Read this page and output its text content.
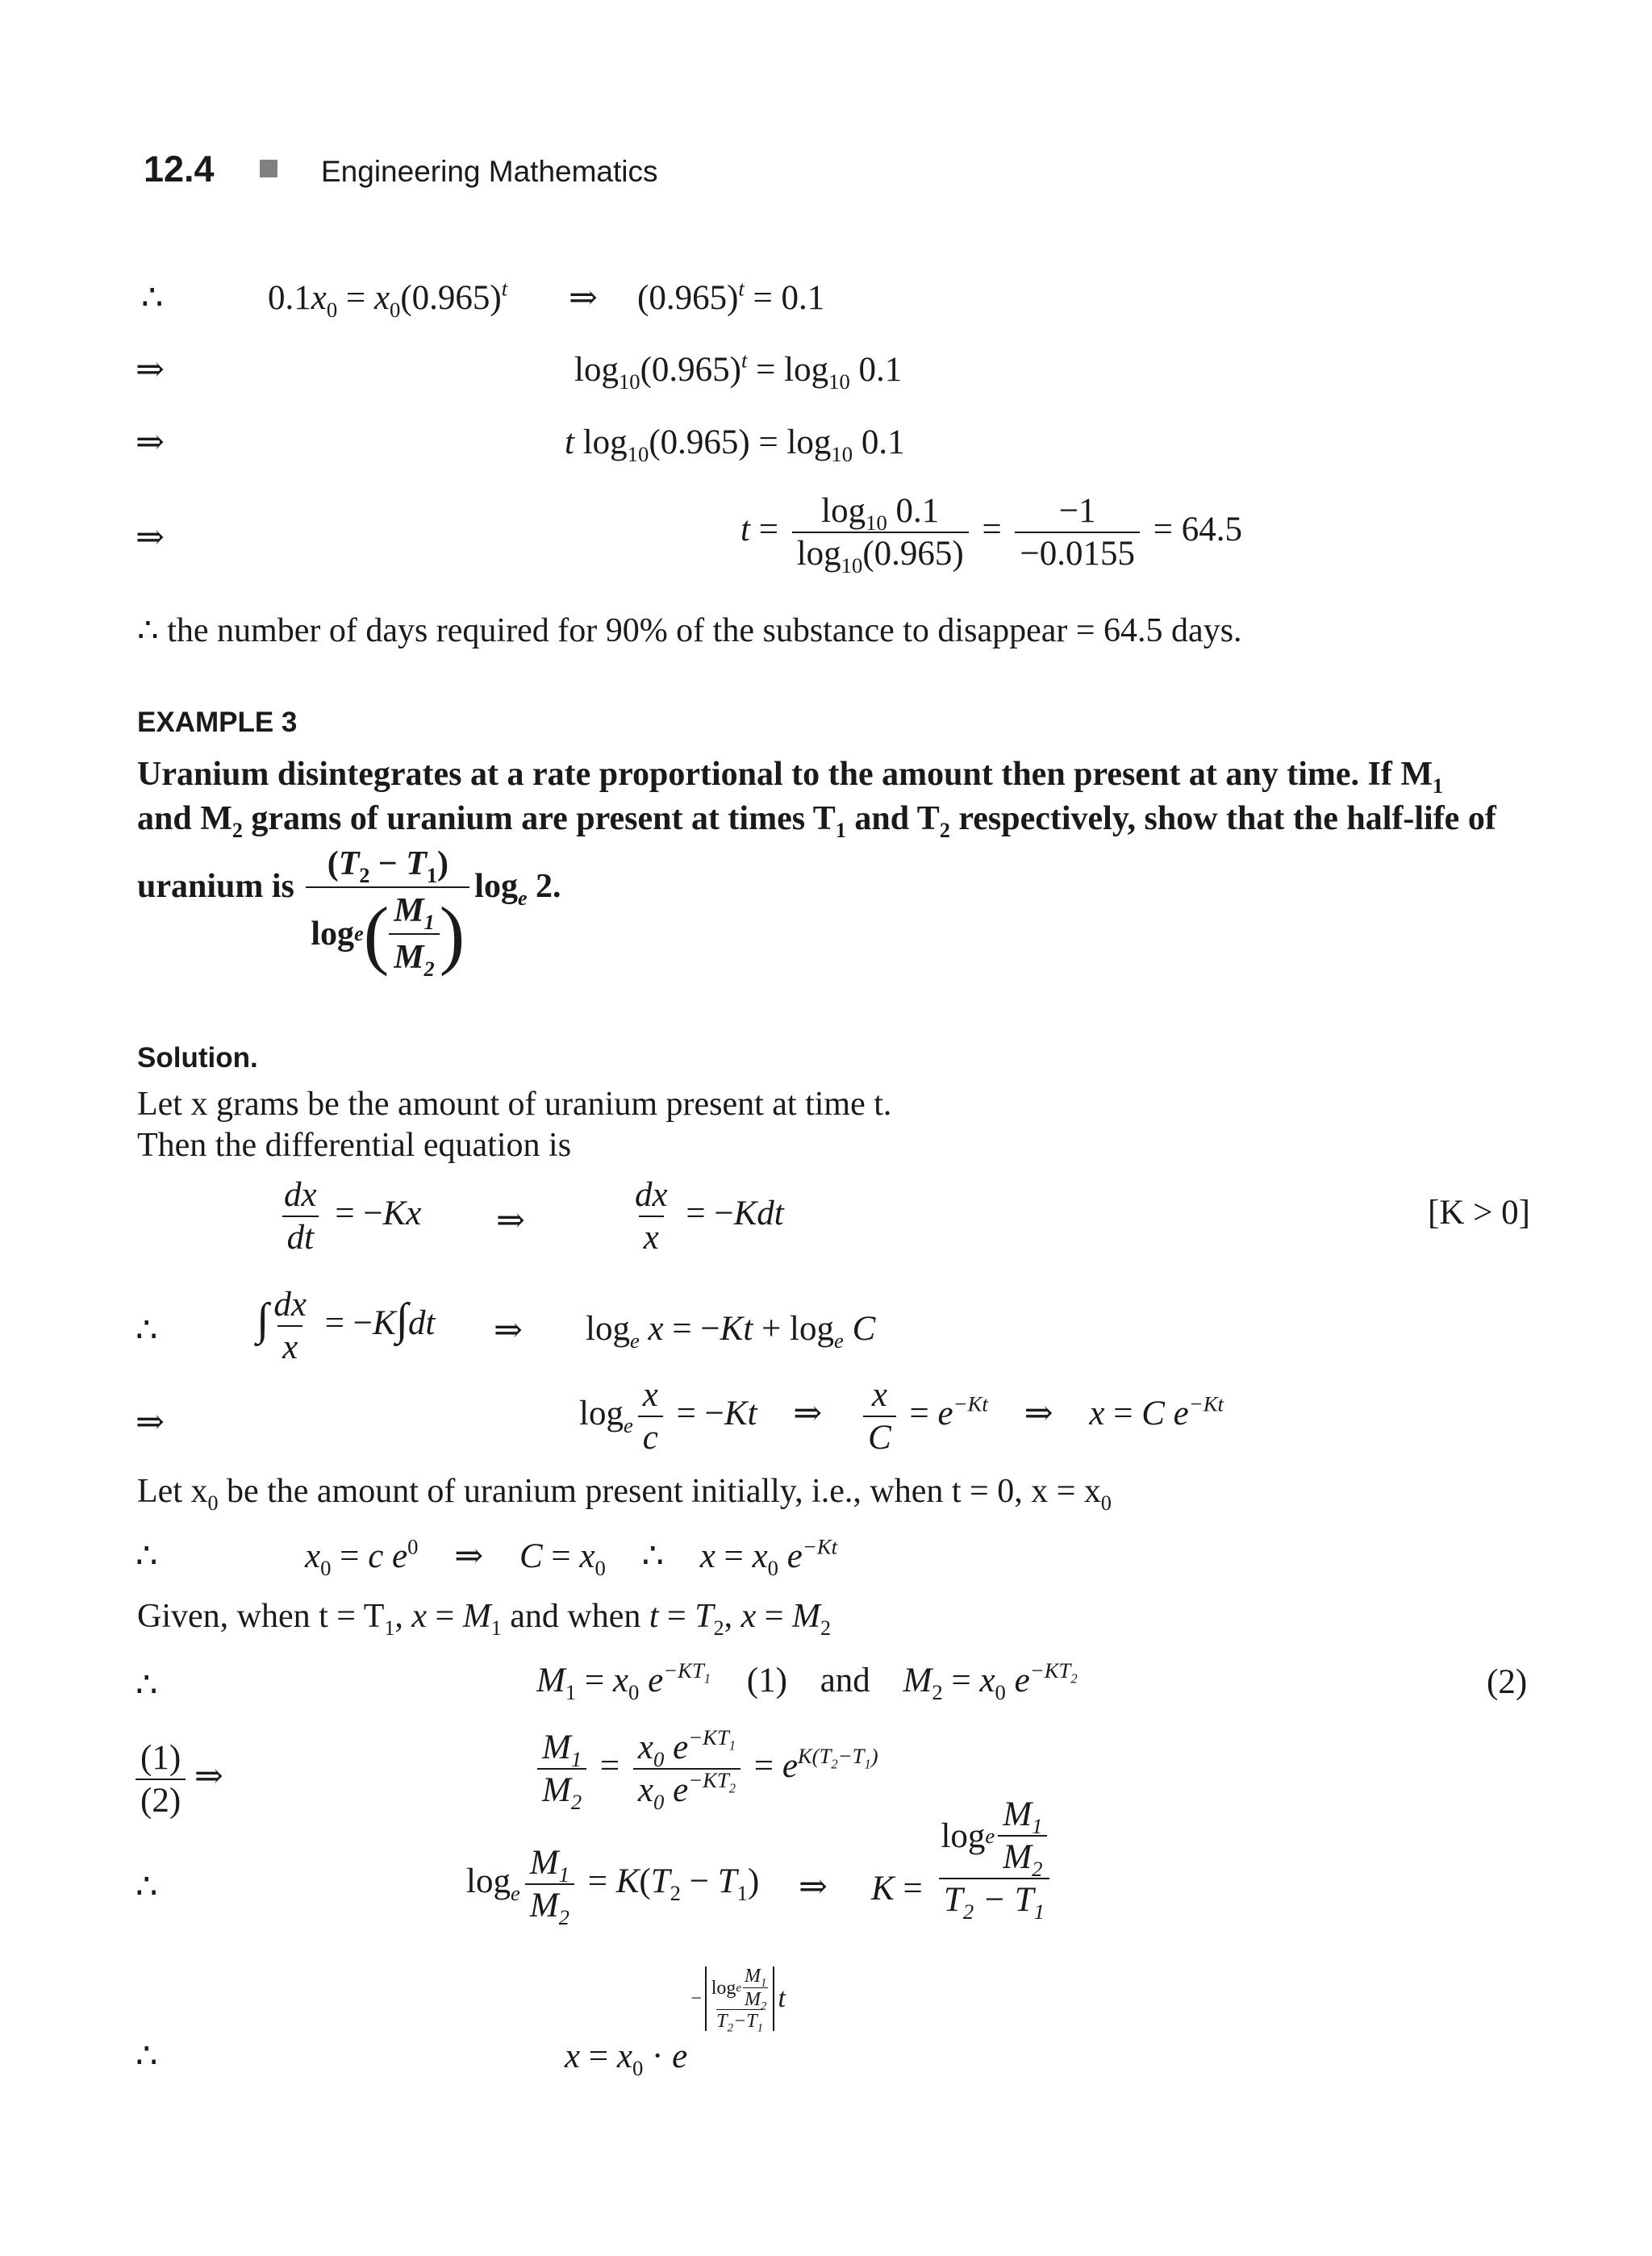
12.4	Engineering Mathematics
∴	$0.1x_0 = x_0(0.965)^t$ ⇒ $(0.965)^t = 0.1$
⇒	$\log_{10}(0.965)^t = \log_{10} 0.1$
⇒	t $\log_{10}(0.965) = \log_{10} 0.1$
⇒	$t = \frac{\log_{10} 0.1}{\log_{10}(0.965)} = \frac{-1}{-0.0155} = 64.5$
∴ the number of days required for 90% of the substance to disappear = 64.5 days.
EXAMPLE 3
Uranium disintegrates at a rate proportional to the amount then present at any time. If $M_1$
and $M_2$ grams of uranium are present at times $T_1$ and $T_2$ respectively, show that the half-life of
uranium is $\frac{(T_2 - T_1)}{\log e ( \frac{M_1}{M_2} )} \log_e 2$.
Solution.
Let x grams be the amount of uranium present at time t.
Then the differential equation is
$\frac{dx}{dt} = -Kx$ ⇒	$\frac{dx}{x} = -Kdt$	[K > 0]
∴ ∫ $\frac{dx}{x} = -K\int dt$ ⇒ $\log_e x = -Kt + \log_e C$
⇒	$\log_e \frac{x}{c} = -Kt$ ⇒ $\frac{x}{C} = e^{-Kt}$ ⇒ x = C $e^{-Kt}$
Let $x_0$ be the amount of uranium present initially, i.e., when t = 0, $x = x_0$
∴	$x_0 = c$ $e^0$ ⇒ $C = x_0$ ∴ $x = x_0$ $e^{-Kt}$
Given, when $t = T_1$, $x = M_1$ and when $t = T_2$, $x = M_2$
∴	$M_1 = x_0$ $e^{-KT_1}$ (1) and $M_2 = x_0$ $e^{-KT_2}$	(2)
$\frac{(1)}{(2)}$ ⇒	$\frac{M_1}{M_2} = \frac{x_0 e^{-KT_1}}{x_0 e^{-KT_2}} = e^{K(T_2-T_1)}$
∴	$\log_e \frac{M_1}{M_2} = K(T_2 - T_1)$ ⇒ $K = \frac{\log e \frac{M_1}{M_2}}{T_2 - T_1}$
∴	$x = x_0 \cdot e$
− $\frac{\log e \frac{M_1}{M_2}}{T_2-T_1}$ t
